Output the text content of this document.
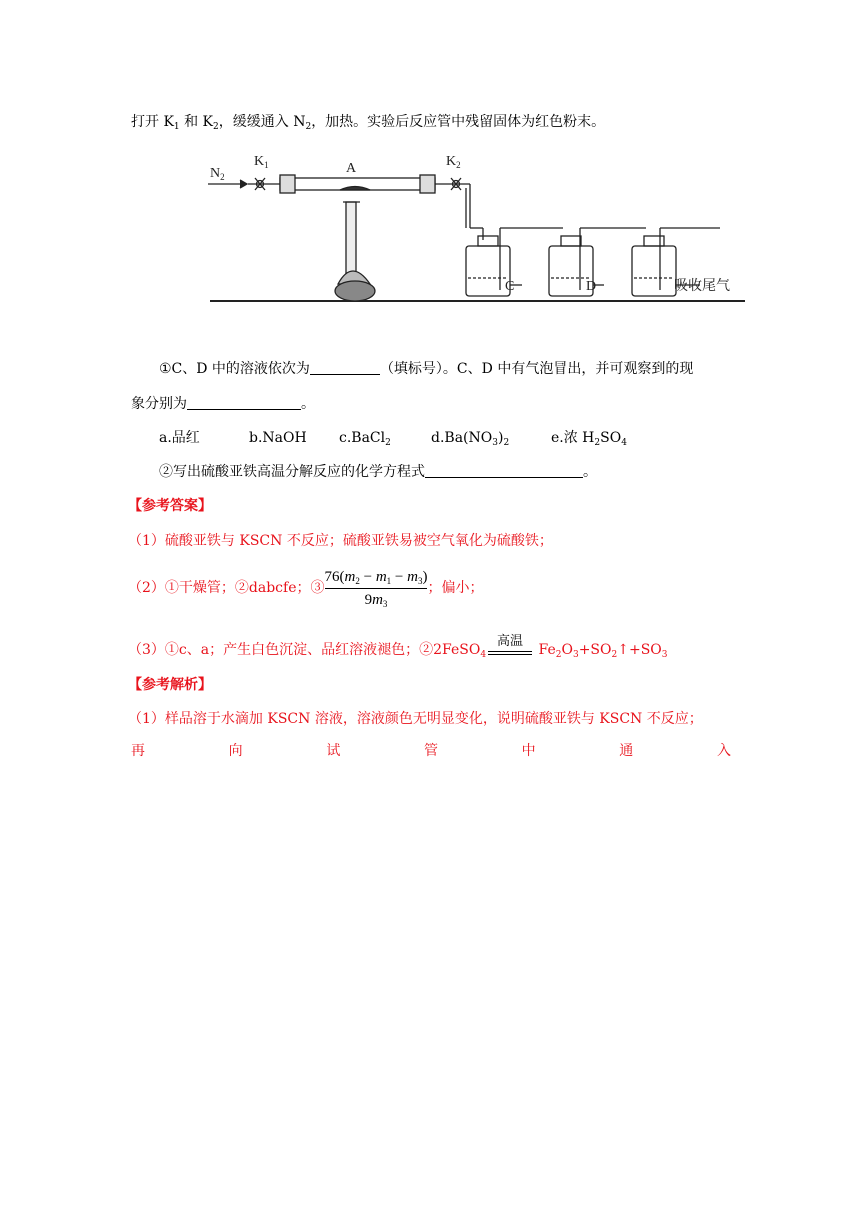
打开 $K_1$ 和 $K_2$，缓缓通入 $N_2$，加热。实验后反应管中残留固体为红色粉末。
$N_2$
$K_1$	A	$K_2$
C	D	吸收尾气
①C、D 中的溶液依次为	（填标号）。C、D 中有气泡冒出，并可观察到的现
象分别为	。
a.品红	b.NaOH c.BaCl$_2$	$d.Ba(NO_3)_2$	e.浓 $H_2SO_4$
②写出硫酸亚铁高温分解反应的化学方程式	。
【参考答案】
（1）硫酸亚铁与 KSCN 不反应；硫酸亚铁易被空气氧化为硫酸铁；
（2）①干燥管；②dabcfe；③ $\frac{76(m_2 - m_1 - m_3)}{9m_3}$ ；偏小；
（3）①c、a；产生白色沉淀、品红溶液褪色；②2FeSO$_4$
高温
$Fe_2O_3+SO_2↑+SO_3$
【参考解析】
（1）样品溶于水滴加 KSCN 溶液，溶液颜色无明显变化，说明硫酸亚铁与 KSCN 不反应；
再	向	试	管	中	通	入
